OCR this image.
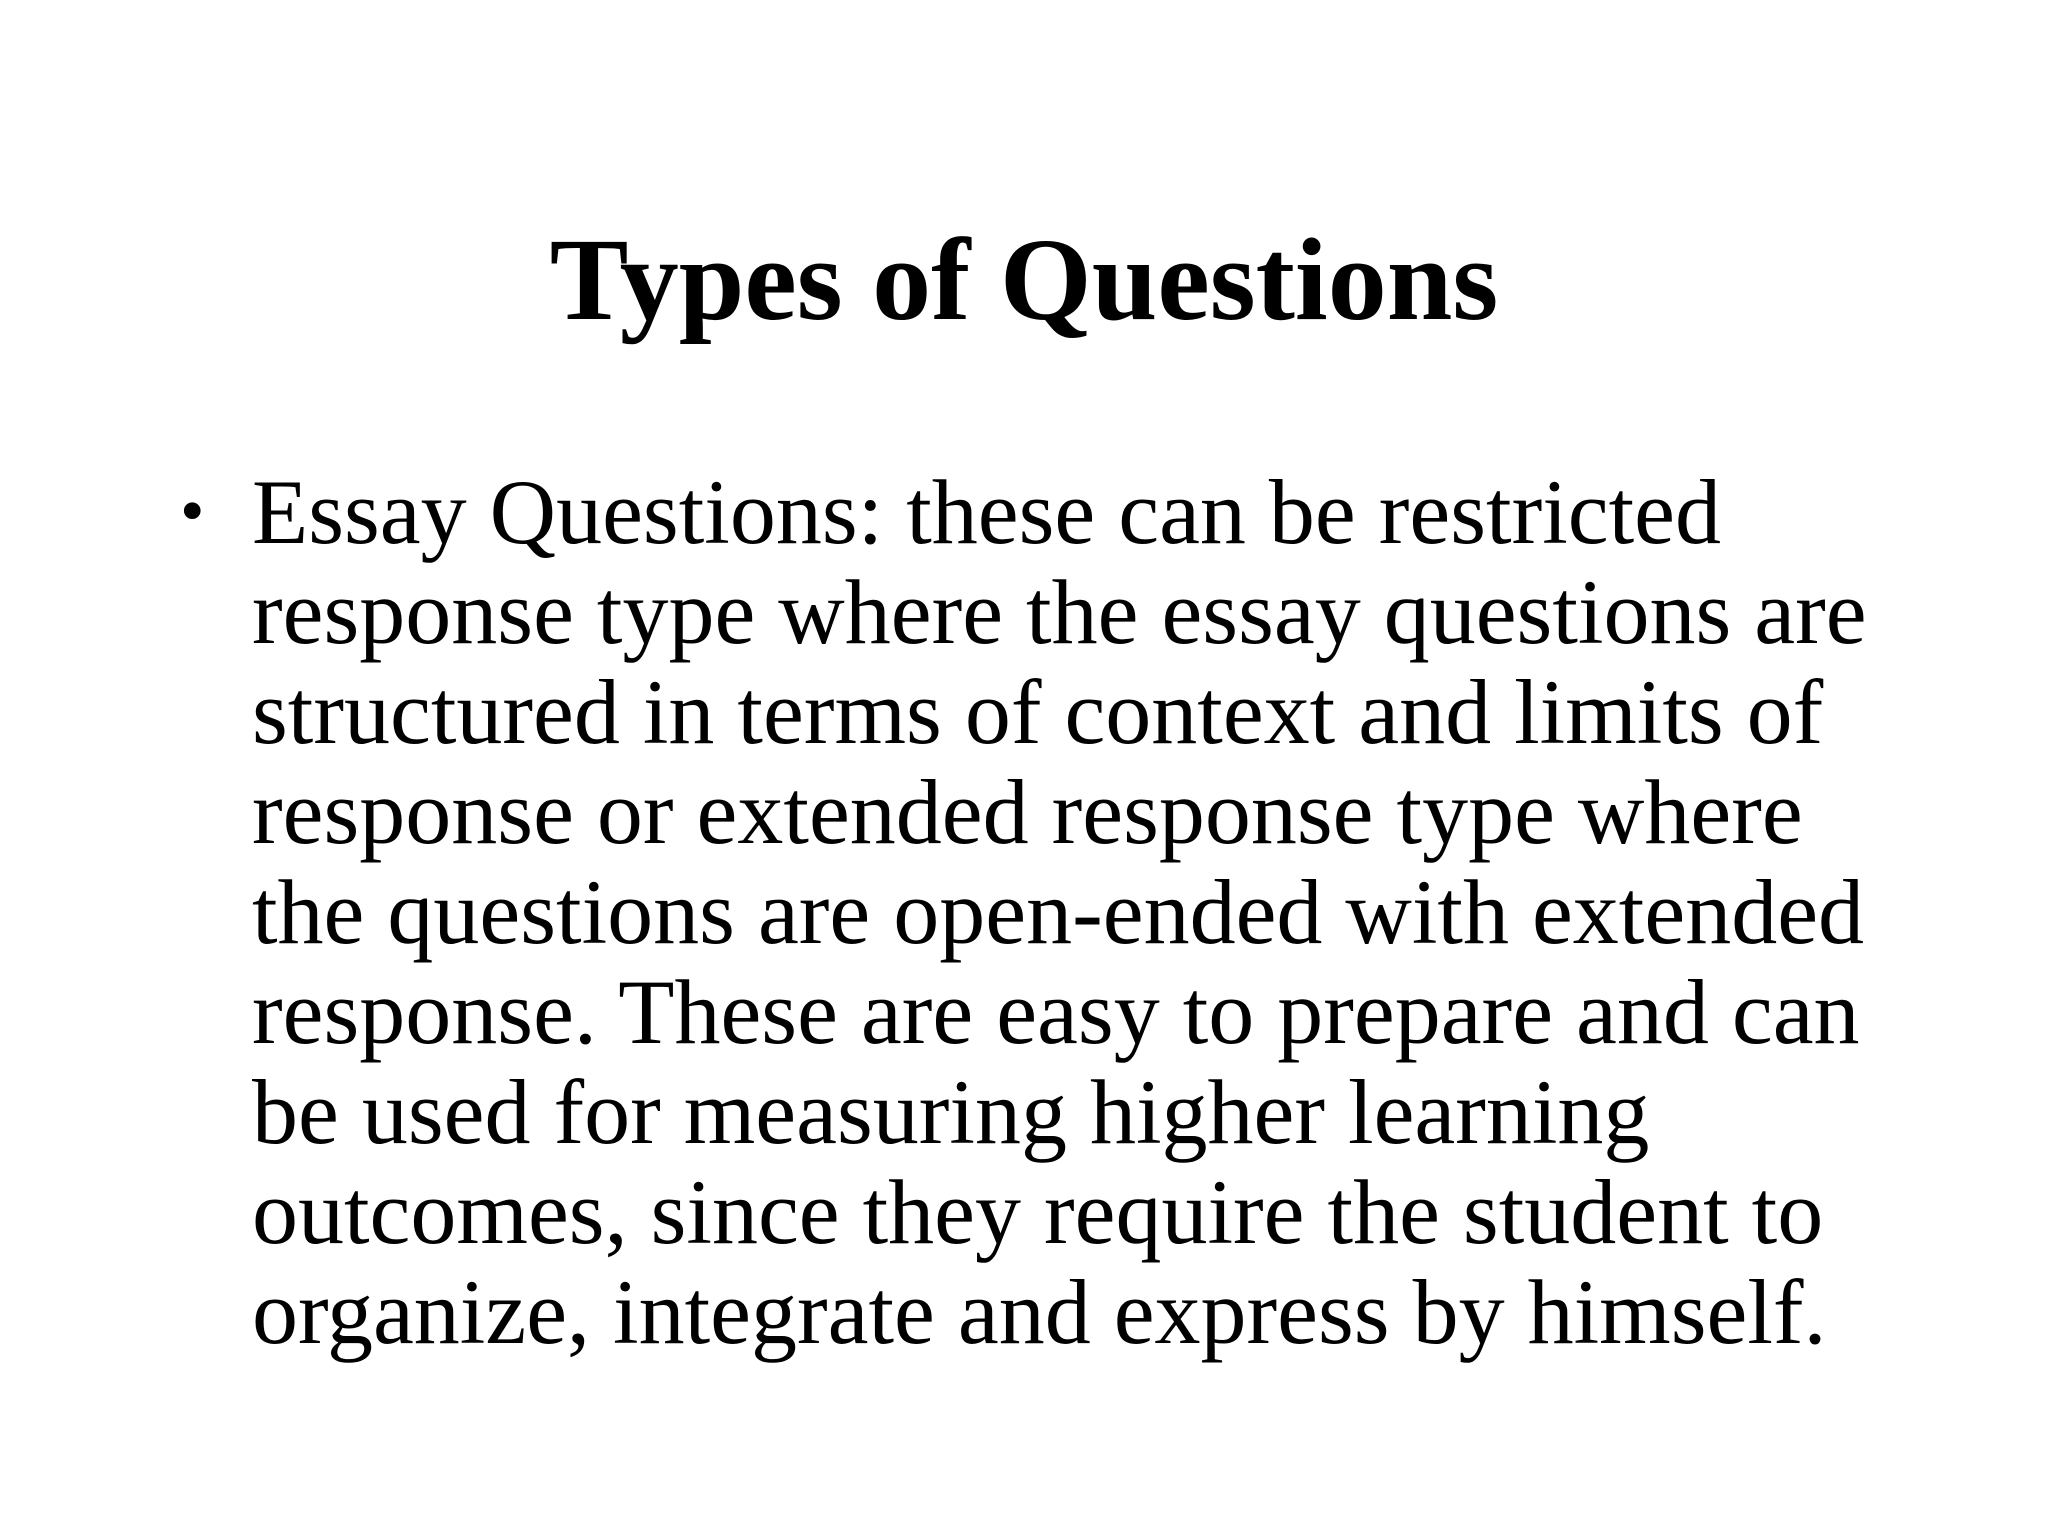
Types of Questions
• Essay Questions: these can be restricted
response type where the essay questions are
structured in terms of context and limits of
response or extended response type where
the questions are open-ended with extended
response. These are easy to prepare and can
be used for measuring higher learning
outcomes, since they require the student to
organize, integrate and express by himself.
